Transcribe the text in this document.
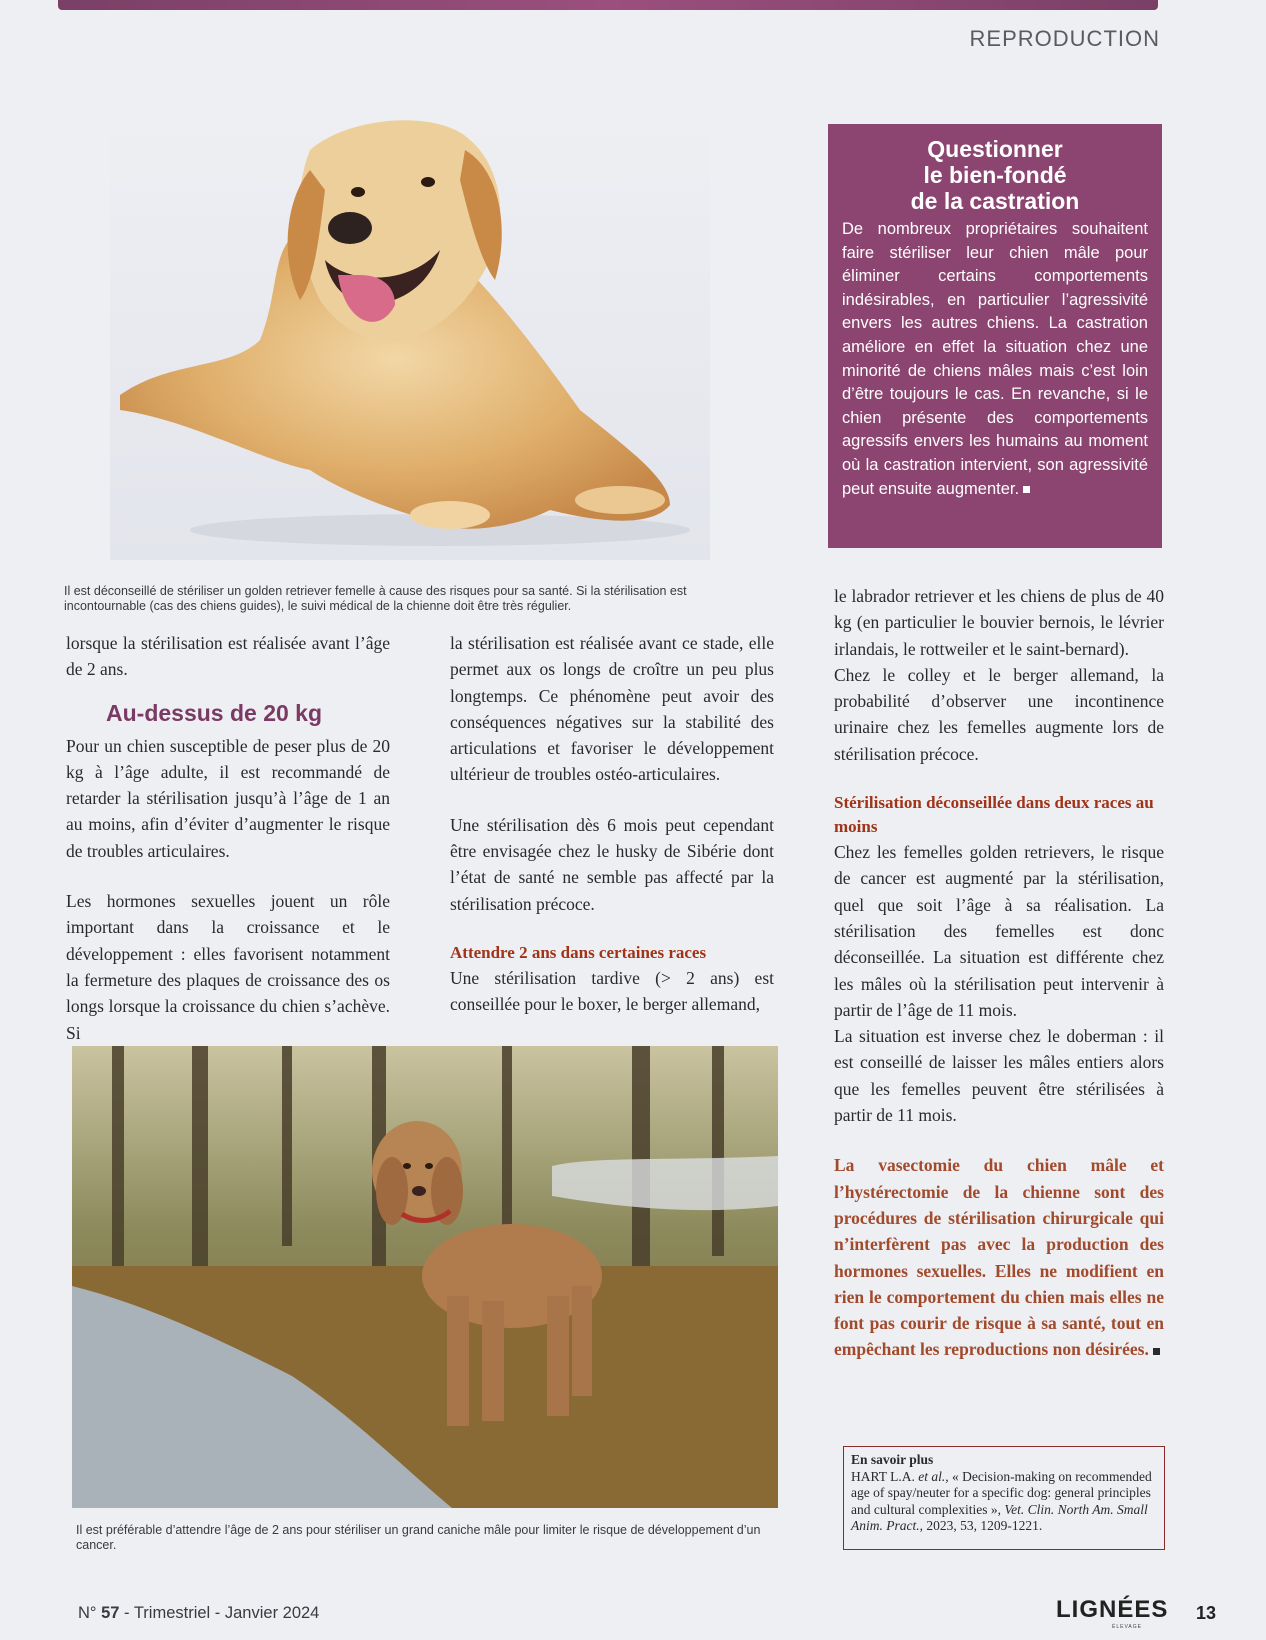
REPRODUCTION
Il est déconseillé de stériliser un golden retriever femelle à cause des risques pour sa santé. Si la stérilisation est incontournable (cas des chiens guides), le suivi médical de la chienne doit être très régulier.
Questionner
le bien-fondé
de la castration

De nombreux propriétaires souhaitent faire stériliser leur chien mâle pour éliminer certains comportements indésirables, en particulier l’agressivité envers les autres chiens. La castration améliore en effet la situation chez une minorité de chiens mâles mais c’est loin d’être toujours le cas. En revanche, si le chien présente des comportements agressifs envers les humains au moment où la castration intervient, son agressivité peut ensuite augmenter.

lorsque la stérilisation est réalisée avant l’âge de 2 ans.

Au-dessus de 20 kg

Pour un chien susceptible de peser plus de 20 kg à l’âge adulte, il est recommandé de retarder la stérilisation jusqu’à l’âge de 1 an au moins, afin d’éviter d’augmenter le risque de troubles articulaires.

Les hormones sexuelles jouent un rôle important dans la croissance et le développement : elles favorisent notamment la fermeture des plaques de croissance des os longs lorsque la croissance du chien s’achève. Si

la stérilisation est réalisée avant ce stade, elle permet aux os longs de croître un peu plus longtemps. Ce phénomène peut avoir des conséquences négatives sur la stabilité des articulations et favoriser le développement ultérieur de troubles ostéo-articulaires.

Une stérilisation dès 6 mois peut cependant être envisagée chez le husky de Sibérie dont l’état de santé ne semble pas affecté par la stérilisation précoce.

Attendre 2 ans dans certaines races

Une stérilisation tardive (> 2 ans) est conseillée pour le boxer, le berger allemand,

Il est préférable d’attendre l’âge de 2 ans pour stériliser un grand caniche mâle pour limiter le risque de développement d’un cancer.

le labrador retriever et les chiens de plus de 40 kg (en particulier le bouvier bernois, le lévrier irlandais, le rottweiler et le saint-bernard).

Chez le colley et le berger allemand, la probabilité d’observer une incontinence urinaire chez les femelles augmente lors de stérilisation précoce.

Stérilisation déconseillée dans deux races au moins

Chez les femelles golden retrievers, le risque de cancer est augmenté par la stérilisation, quel que soit l’âge à sa réalisation. La stérilisation des femelles est donc déconseillée. La situation est différente chez les mâles où la stérilisation peut intervenir à partir de l’âge de 11 mois.

La situation est inverse chez le doberman : il est conseillé de laisser les mâles entiers alors que les femelles peuvent être stérilisées à partir de 11 mois.

La vasectomie du chien mâle et l’hystérectomie de la chienne sont des procédures de stérilisation chirurgicale qui n’interfèrent pas avec la production des hormones sexuelles. Elles ne modifient en rien le comportement du chien mais elles ne font pas courir de risque à sa santé, tout en empêchant les reproductions non désirées.

En savoir plus

HART L.A. et al., « Decision-making on recommended age of spay/neuter for a specific dog: general principles and cultural complexities », Vet. Clin. North Am. Small Anim. Pract., 2023, 53, 1209-1221.

N° 57 - Trimestriel - Janvier 2024	LIGNÉES
ÉLEVAGE
13
